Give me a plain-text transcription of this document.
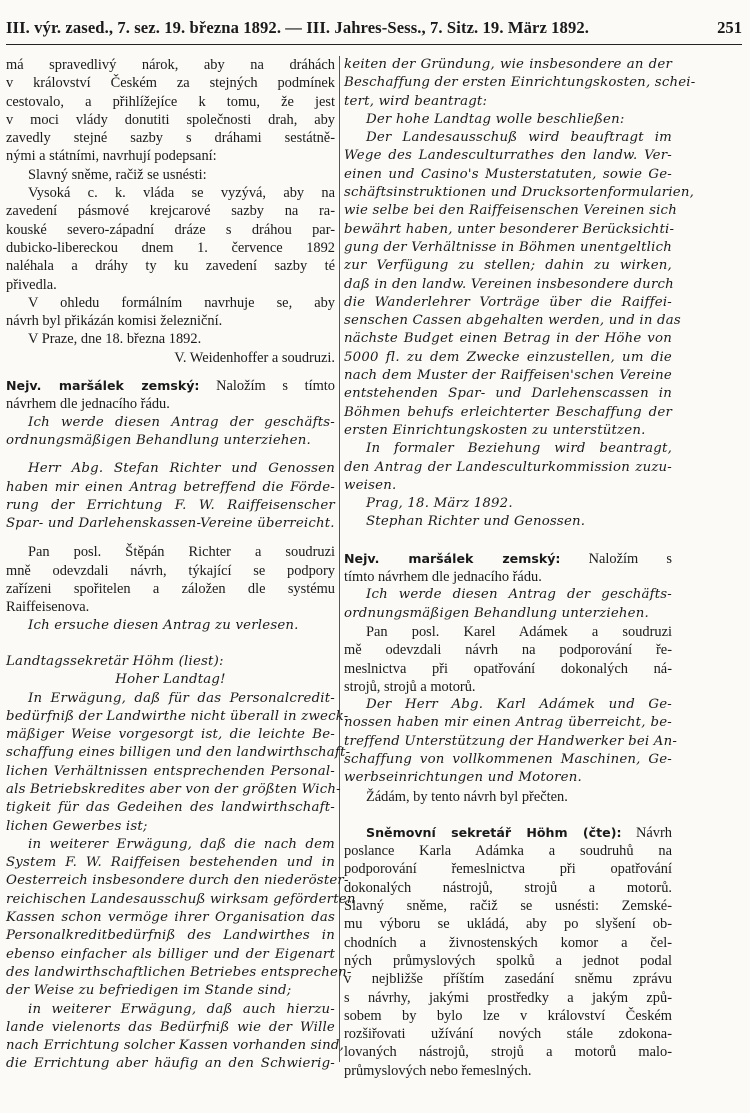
III. výr. zased., 7. sez. 19. března 1892. — III. Jahres-Sess., 7. Sitz. 19. März 1892.	251
má spravedlivý nárok, aby na dráhách
v království Českém za stejných podmínek
cestovalo, a přihlížejíce k tomu, že jest
v moci vlády donutiti společnosti drah, aby
zavedly stejné sazby s dráhami sestátně-
nými a státními, navrhují podepsaní:
Slavný sněme, račiž se usnésti:
Vysoká c. k. vláda se vyzývá, aby na
zavedení pásmové krejcarové sazby na ra-
kouské severo-západní dráze s dráhou par-
dubicko-libereckou dnem 1. července 1892
naléhala a dráhy ty ku zavedení sazby té
přivedla.
V ohledu formálním navrhuje se, aby
návrh byl přikázán komisi železniční.
V Praze, dne 18. března 1892.
V. Weidenhoffer a soudruzi.
Nejv. maršálek zemský: Naložím s tímto
návrhem dle jednacího řádu.
Ich werde diesen Antrag der geschäfts-
ordnungsmäßigen Behandlung unterziehen.
Herr Abg. Stefan Richter und Genossen
haben mir einen Antrag betreffend die Förde-
rung der Errichtung F. W. Raiffeisenscher
Spar- und Darlehenskassen-Vereine überreicht.
Pan posl. Štěpán Richter a soudruzi
mně odevzdali návrh, týkající se podpory
zařízeni spořitelen a záložen dle systému
Raiffeisenova.
Ich ersuche diesen Antrag zu verlesen.
Landtagssekretär Höhm (liest):
Hoher Landtag!
In Erwägung, daß für das Personalcredit-
bedürfniß der Landwirthe nicht überall in zweck-
mäßiger Weise vorgesorgt ist, die leichte Be-
schaffung eines billigen und den landwirthschaft-
lichen Verhältnissen entsprechenden Personal-
als Betriebskredites aber von der größten Wich-
tigkeit für das Gedeihen des landwirthschaft-
lichen Gewerbes ist;
in weiterer Erwägung, daß die nach dem
System F. W. Raiffeisen bestehenden und in
Oesterreich insbesondere durch den niederöster-
reichischen Landesausschuß wirksam geförderten
Kassen schon vermöge ihrer Organisation das
Personalkreditbedürfniß des Landwirthes in
ebenso einfacher als billiger und der Eigenart
des landwirthschaftlichen Betriebes entsprechen-
der Weise zu befriedigen im Stande sind;
in weiterer Erwägung, daß auch hierzu-
lande vielenorts das Bedürfniß wie der Wille
nach Errichtung solcher Kassen vorhanden sind,
die Errichtung aber häufig an den Schwierig-
keiten der Gründung, wie insbesondere an der
Beschaffung der ersten Einrichtungskosten, schei-
tert, wird beantragt:
Der hohe Landtag wolle beschließen:
Der Landesausschuß wird beauftragt im
Wege des Landesculturrathes den landw. Ver-
einen und Casino's Musterstatuten, sowie Ge-
schäftsinstruktionen und Drucksortenformularien,
wie selbe bei den Raiffeisenschen Vereinen sich
bewährt haben, unter besonderer Berücksichti-
gung der Verhältnisse in Böhmen unentgeltlich
zur Verfügung zu stellen; dahin zu wirken,
daß in den landw. Vereinen insbesondere durch
die Wanderlehrer Vorträge über die Raiffei-
senschen Cassen abgehalten werden, und in das
nächste Budget einen Betrag in der Höhe von
5000 fl. zu dem Zwecke einzustellen, um die
nach dem Muster der Raiffeisen'schen Vereine
entstehenden Spar- und Darlehenscassen in
Böhmen behufs erleichterter Beschaffung der
ersten Einrichtungskosten zu unterstützen.
In formaler Beziehung wird beantragt,
den Antrag der Landesculturkommission zuzu-
weisen.
Prag, 18. März 1892.
Stephan Richter und Genossen.
Nejv. maršálek zemský: Naložím s
tímto návrhem dle jednacího řádu.
Ich werde diesen Antrag der geschäfts-
ordnungsmäßigen Behandlung unterziehen.
Pan posl. Karel Adámek a soudruzi
mě odevzdali návrh na podporování ře-
meslnictva při opatřování dokonalých ná-
strojů, strojů a motorů.
Der Herr Abg. Karl Adámek und Ge-
nossen haben mir einen Antrag überreicht, be-
treffend Unterstützung der Handwerker bei An-
schaffung von vollkommenen Maschinen, Ge-
werbseinrichtungen und Motoren.
Žádám, by tento návrh byl přečten.
Sněmovní sekretář Höhm (čte): Návrh
poslance Karla Adámka a soudruhů na
podporování řemeslnictva při opatřování
dokonalých nástrojů, strojů a motorů.
Slavný sněme, račiž se usnésti: Zemské-
mu výboru se ukládá, aby po slyšení ob-
chodních a živnostenských komor a čel-
ných průmyslových spolků a jednot podal
v nejbližše příštím zasedání sněmu zprávu
s návrhy, jakými prostředky a jakým způ-
sobem by bylo lze v království Českém
rozšiřovati užívání nových stále zdokona-
lovaných nástrojů, strojů a motorů malo-
průmyslových nebo řemeslných.
